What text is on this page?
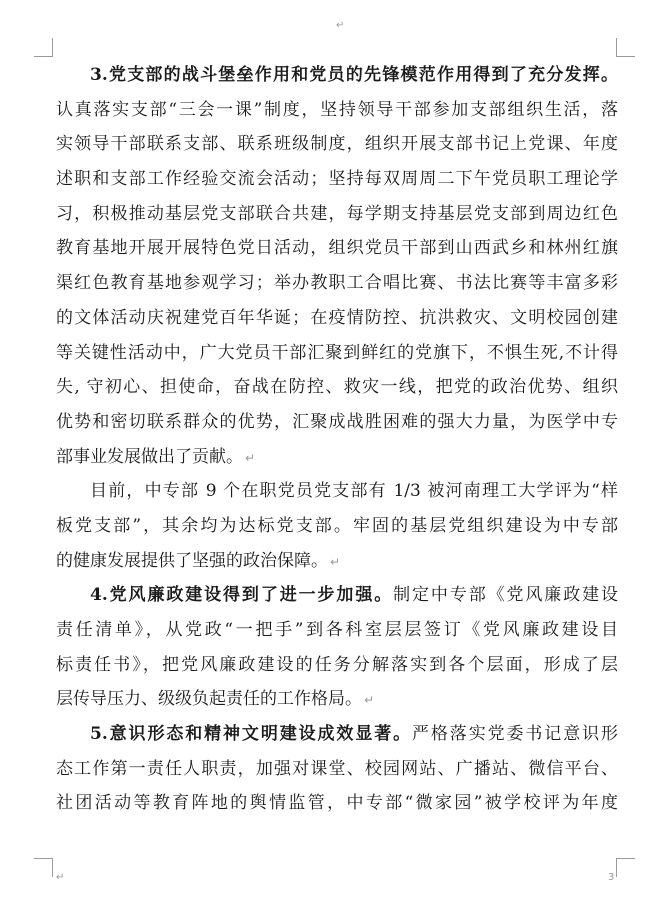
↵
↵	3
3.党支部的战斗堡垒作用和党员的先锋模范作用得到了充分发挥。
认真落实支部“三会一课”制度，坚持领导干部参加支部组织生活，落
实领导干部联系支部、联系班级制度，组织开展支部书记上党课、年度
述职和支部工作经验交流会活动；坚持每双周周二下午党员职工理论学
习，积极推动基层党支部联合共建，每学期支持基层党支部到周边红色
教育基地开展开展特色党日活动，组织党员干部到山西武乡和林州红旗
渠红色教育基地参观学习；举办教职工合唱比赛、书法比赛等丰富多彩
的文体活动庆祝建党百年华诞；在疫情防控、抗洪救灾、文明校园创建
等关键性活动中，广大党员干部汇聚到鲜红的党旗下，不惧生死,不计得
失, 守初心、担使命，奋战在防控、救灾一线，把党的政治优势、组织
优势和密切联系群众的优势，汇聚成战胜困难的强大力量，为医学中专
部事业发展做出了贡献。 ↵
目前，中专部 9 个在职党员党支部有 1/3 被河南理工大学评为“样
板党支部”，其余均为达标党支部。牢固的基层党组织建设为中专部
的健康发展提供了坚强的政治保障。 ↵
4.党风廉政建设得到了进一步加强。制定中专部《党风廉政建设
责任清单》，从党政“一把手”到各科室层层签订《党风廉政建设目
标责任书》，把党风廉政建设的任务分解落实到各个层面，形成了层
层传导压力、级级负起责任的工作格局。 ↵
5.意识形态和精神文明建设成效显著。严格落实党委书记意识形
态工作第一责任人职责，加强对课堂、校园网站、广播站、微信平台、
社团活动等教育阵地的舆情监管，中专部“微家园”被学校评为年度
